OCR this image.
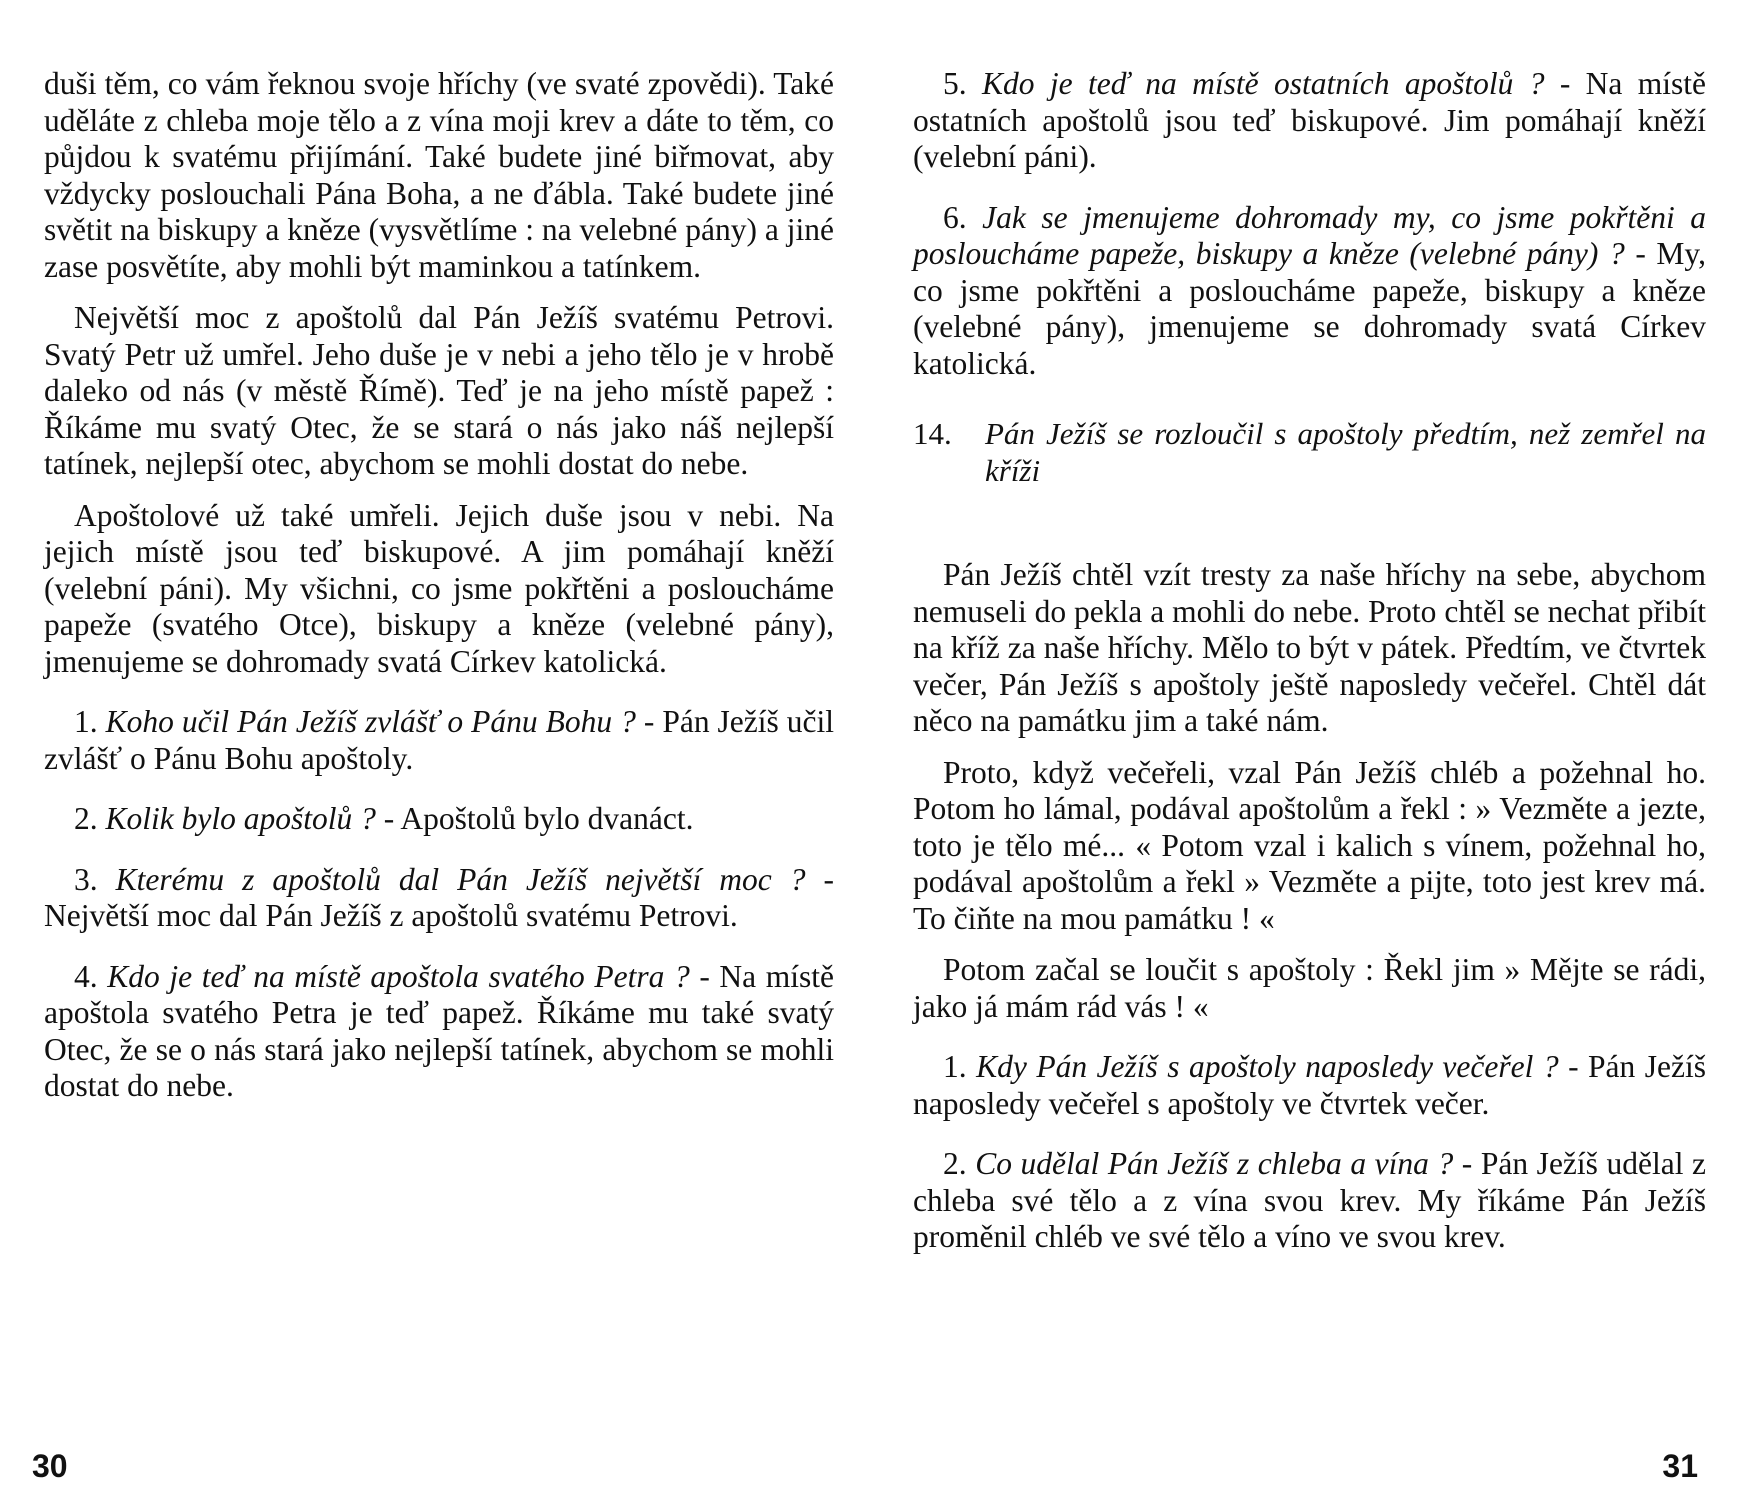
duši těm, co vám řeknou svoje hříchy (ve svaté zpovědi). Také uděláte z chleba moje tělo a z vína moji krev a dáte to těm, co půjdou k svatému přijímání. Také budete jiné biřmovat, aby vždycky poslouchali Pána Boha, a ne ďábla. Také budete jiné světit na biskupy a kněze (vysvětlíme : na velebné pány) a jiné zase posvětíte, aby mohli být maminkou a tatínkem.

Největší moc z apoštolů dal Pán Ježíš svatému Petrovi. Svatý Petr už umřel. Jeho duše je v nebi a jeho tělo je v hrobě daleko od nás (v městě Římě). Teď je na jeho místě papež : Říkáme mu svatý Otec, že se stará o nás jako náš nejlepší tatínek, nejlepší otec, abychom se mohli dostat do nebe.

Apoštolové už také umřeli. Jejich duše jsou v nebi. Na jejich místě jsou teď biskupové. A jim pomáhají kněží (velební páni). My všichni, co jsme pokřtěni a posloucháme papeže (svatého Otce), biskupy a kněze (velebné pány), jmenujeme se dohromady svatá Církev katolická.

1. Koho učil Pán Ježíš zvlášť o Pánu Bohu ? - Pán Ježíš učil zvlášť o Pánu Bohu apoštoly.

2. Kolik bylo apoštolů ? - Apoštolů bylo dvanáct.

3. Kterému z apoštolů dal Pán Ježíš největší moc ? - Největší moc dal Pán Ježíš z apoštolů svatému Petrovi.

4. Kdo je teď na místě apoštola svatého Petra ? - Na místě apoštola svatého Petra je teď papež. Říkáme mu také svatý Otec, že se o nás stará jako nejlepší tatínek, abychom se mohli dostat do nebe.

30

5. Kdo je teď na místě ostatních apoštolů ? - Na místě ostatních apoštolů jsou teď biskupové. Jim pomáhají kněží (velební páni).

6. Jak se jmenujeme dohromady my, co jsme pokřtěni a posloucháme papeže, biskupy a kněze (velebné pány) ? - My, co jsme pokřtěni a posloucháme papeže, biskupy a kněze (velebné pány), jmenujeme se dohromady svatá Církev katolická.

14.	Pán Ježíš se rozloučil s apoštoly předtím, než zemřel na kříži

Pán Ježíš chtěl vzít tresty za naše hříchy na sebe, abychom nemuseli do pekla a mohli do nebe. Proto chtěl se nechat přibít na kříž za naše hříchy. Mělo to být v pátek. Předtím, ve čtvrtek večer, Pán Ježíš s apoštoly ještě naposledy večeřel. Chtěl dát něco na památku jim a také nám.

Proto, když večeřeli, vzal Pán Ježíš chléb a požehnal ho. Potom ho lámal, podával apoštolům a řekl : » Vezměte a jezte, toto je tělo mé... « Potom vzal i kalich s vínem, požehnal ho, podával apoštolům a řekl » Vezměte a pijte, toto jest krev má. To čiňte na mou památku ! «

Potom začal se loučit s apoštoly : Řekl jim » Mějte se rádi, jako já mám rád vás ! «

1. Kdy Pán Ježíš s apoštoly naposledy večeřel ? - Pán Ježíš naposledy večeřel s apoštoly ve čtvrtek večer.

2. Co udělal Pán Ježíš z chleba a vína ? - Pán Ježíš udělal z chleba své tělo a z vína svou krev. My říkáme Pán Ježíš proměnil chléb ve své tělo a víno ve svou krev.

31
